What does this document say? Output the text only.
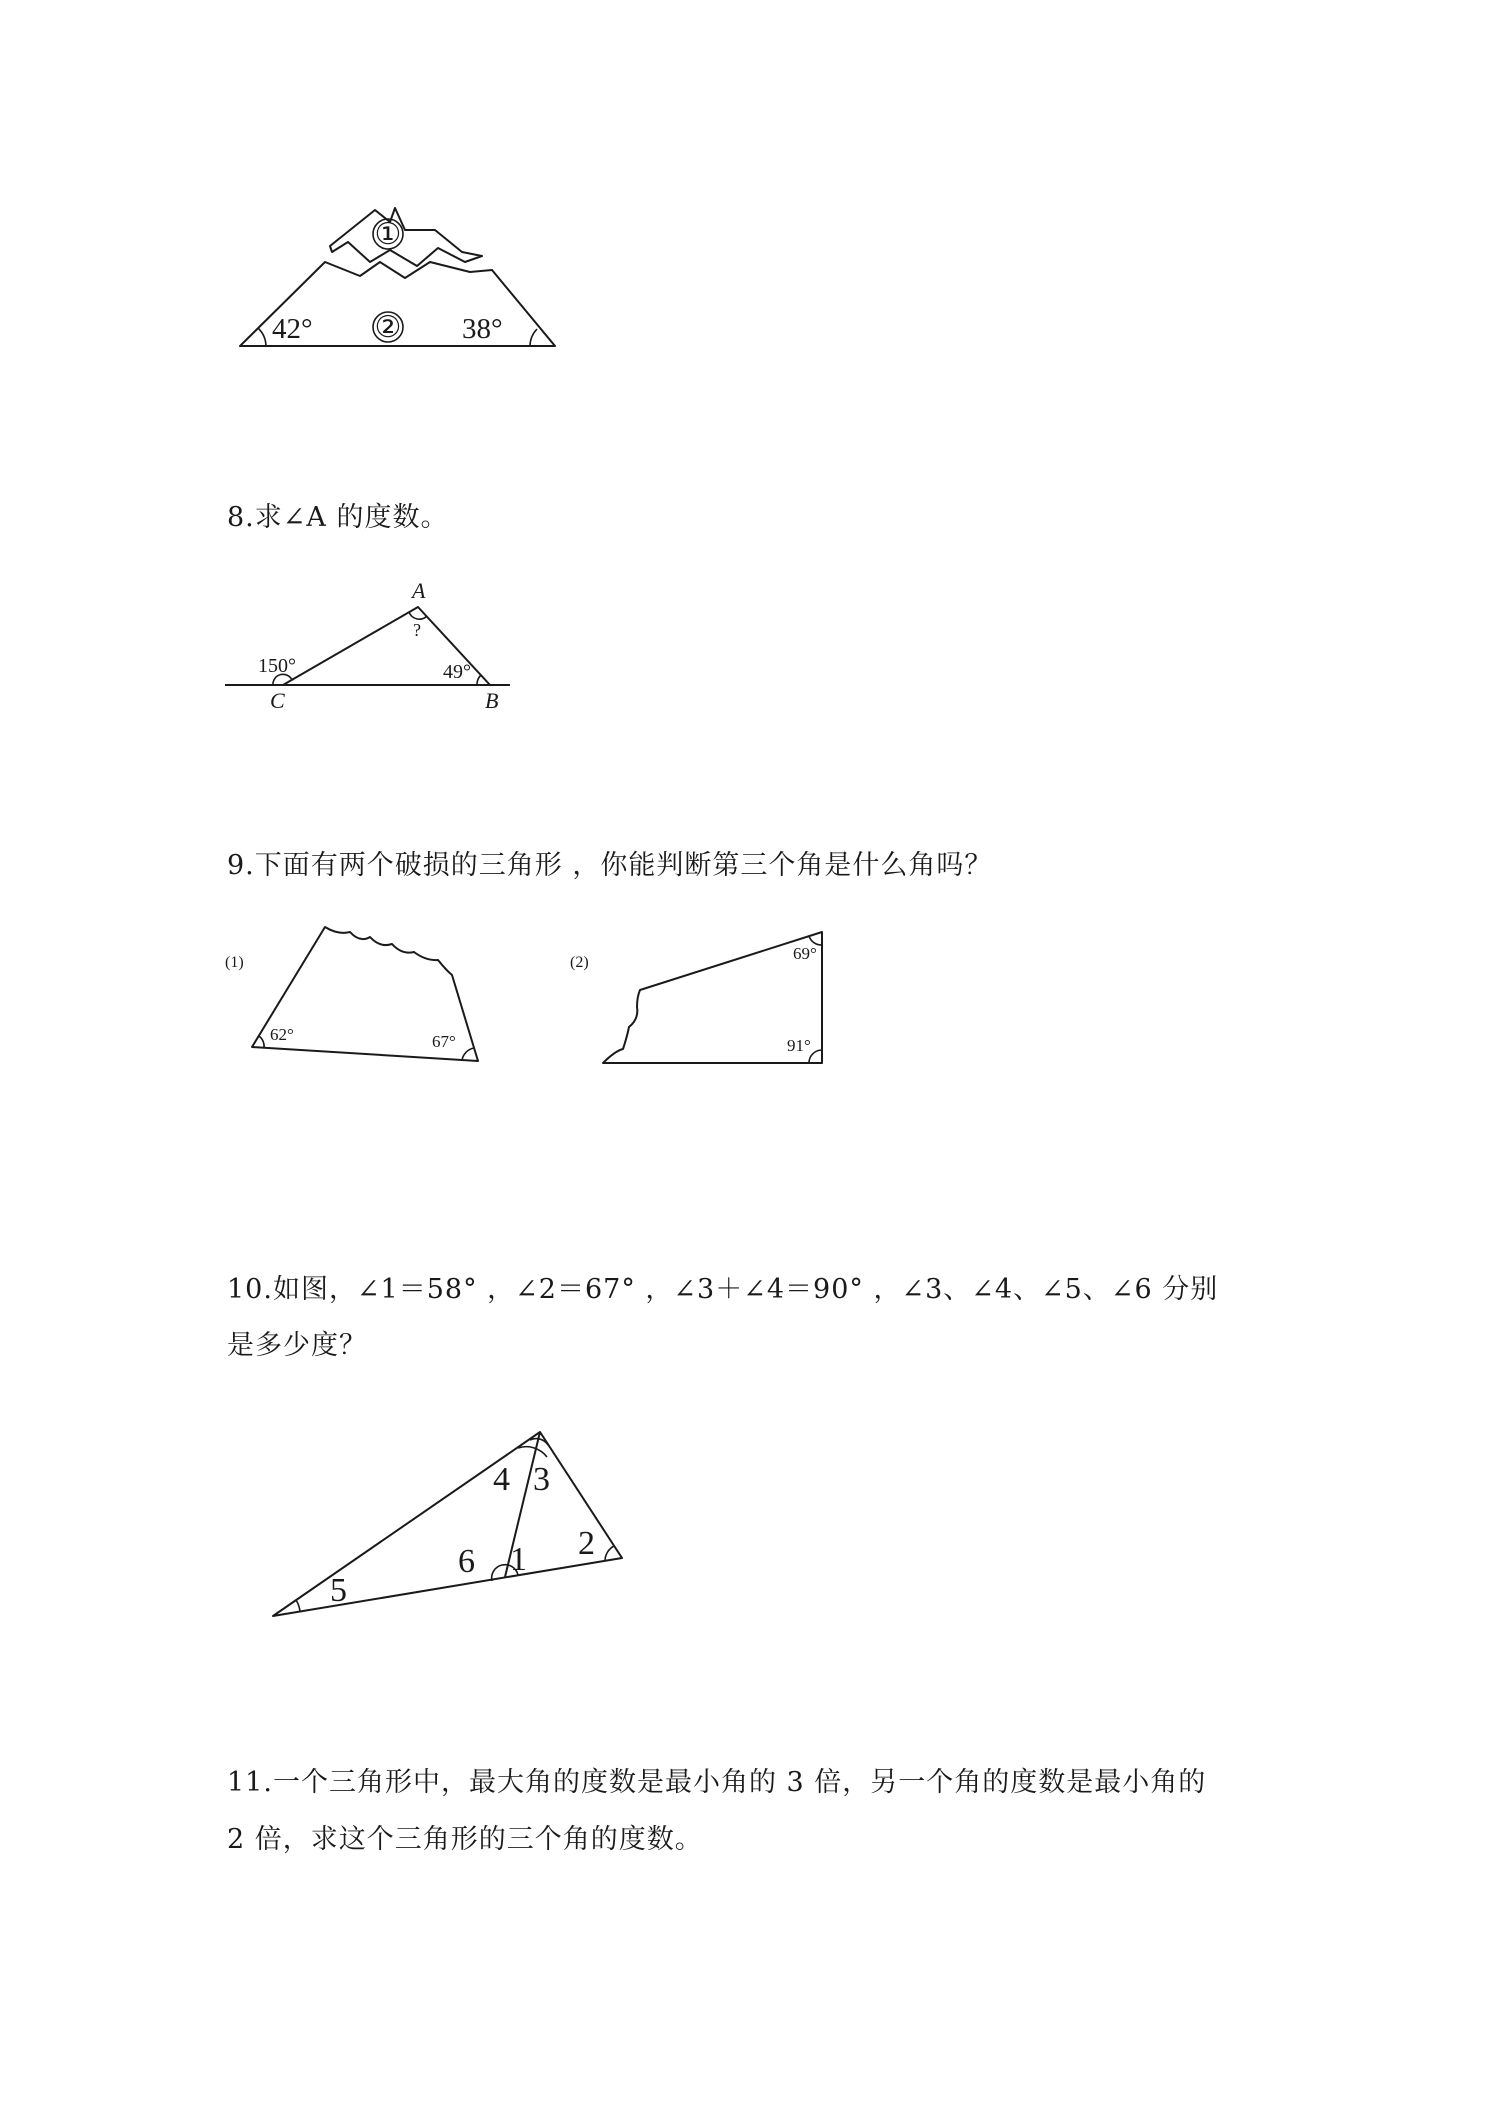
①
②
42°	38°
8.求∠A 的度数。
A
?
150°	49°
C	B
9.下面有两个破损的三角形 ，你能判断第三个角是什么角吗？
(1)
62°	67°
(2)	69°
91°
10.如图，∠1＝58° ，∠2＝67° ，∠3＋∠4＝90° ，∠3、∠4、∠5、∠6 分别
是多少度？
4 3
2
6 1
5
11.一个三角形中，最大角的度数是最小角的 3 倍，另一个角的度数是最小角的
2 倍，求这个三角形的三个角的度数。
